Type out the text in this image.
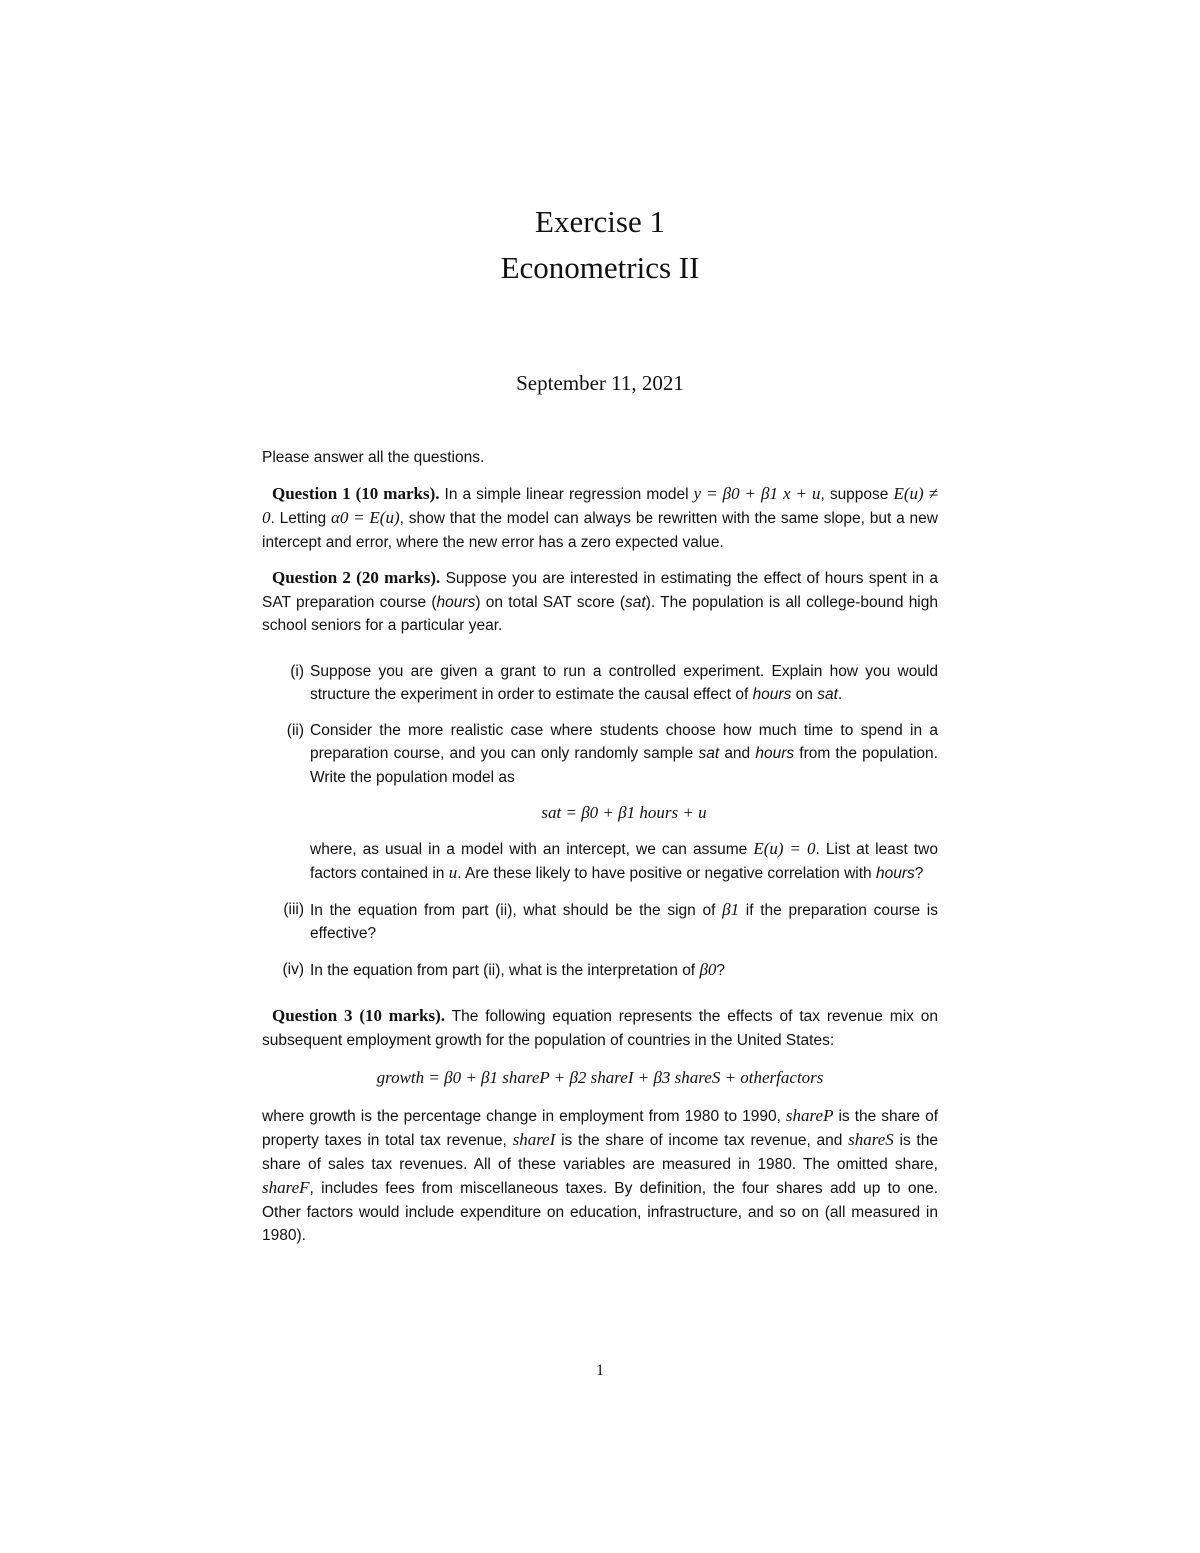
Exercise 1
Econometrics II
September 11, 2021

Please answer all the questions.

Question 1 (10 marks). In a simple linear regression model y = β0 + β1 x + u, suppose E(u) ≠ 0. Letting α0 = E(u), show that the model can always be rewritten with the same slope, but a new intercept and error, where the new error has a zero expected value.

Question 2 (20 marks). Suppose you are interested in estimating the effect of hours spent in a SAT preparation course (hours) on total SAT score (sat). The population is all college-bound high school seniors for a particular year.

(i) Suppose you are given a grant to run a controlled experiment. Explain how you would structure the experiment in order to estimate the causal effect of hours on sat.
(ii) Consider the more realistic case where students choose how much time to spend in a preparation course, and you can only randomly sample sat and hours from the population. Write the population model as
sat = β0 + β1 hours + u
where, as usual in a model with an intercept, we can assume E(u) = 0. List at least two factors contained in u. Are these likely to have positive or negative correlation with hours?
(iii) In the equation from part (ii), what should be the sign of β1 if the preparation course is effective?
(iv) In the equation from part (ii), what is the interpretation of β0?

Question 3 (10 marks). The following equation represents the effects of tax revenue mix on subsequent employment growth for the population of countries in the United States:

growth = β0 + β1 shareP + β2 shareI + β3 shareS + otherfactors

where growth is the percentage change in employment from 1980 to 1990, shareP is the share of property taxes in total tax revenue, shareI is the share of income tax revenue, and shareS is the share of sales tax revenues. All of these variables are measured in 1980. The omitted share, shareF, includes fees from miscellaneous taxes. By definition, the four shares add up to one. Other factors would include expenditure on education, infrastructure, and so on (all measured in 1980).

1
